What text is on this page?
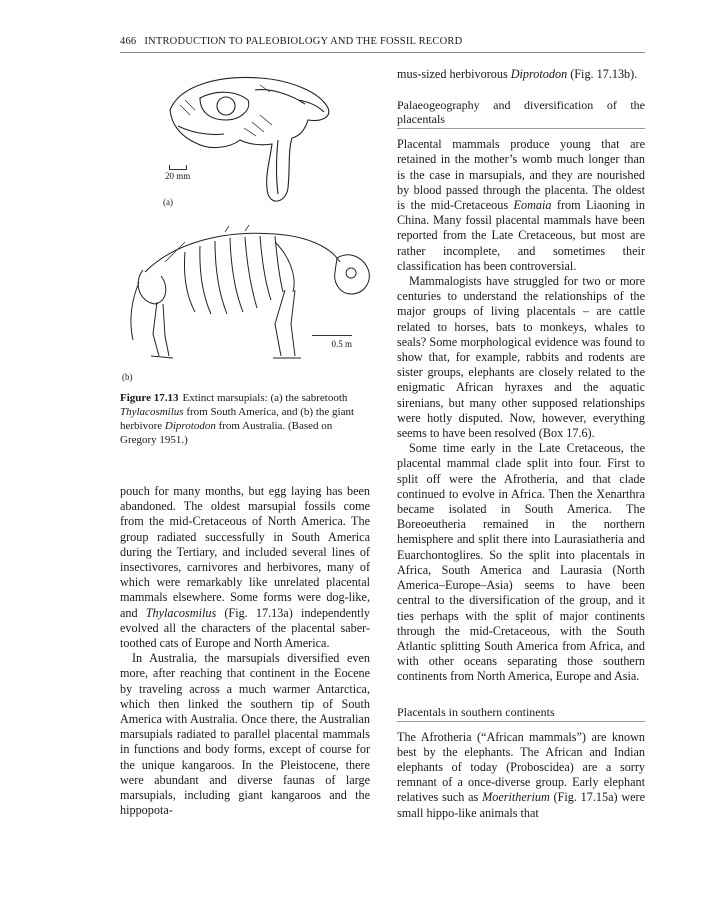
466 INTRODUCTION TO PALEOBIOLOGY AND THE FOSSIL RECORD
20 mm
(a)
0.5 m
(b)
Figure 17.13 Extinct marsupials: (a) the sabretooth Thylacosmilus from South America, and (b) the giant herbivore Diprotodon from Australia. (Based on Gregory 1951.)

pouch for many months, but egg laying has been abandoned. The oldest marsupial fossils come from the mid-Cretaceous of North America. The group radiated successfully in South America during the Tertiary, and included several lines of insectivores, carnivores and herbivores, many of which were remarkably like unrelated placental mammals elsewhere. Some forms were dog-like, and Thylacosmilus (Fig. 17.13a) independently evolved all the characters of the placental saber-toothed cats of Europe and North America.

In Australia, the marsupials diversified even more, after reaching that continent in the Eocene by traveling across a much warmer Antarctica, which then linked the southern tip of South America with Australia. Once there, the Australian marsupials radiated to parallel placental mammals in functions and body forms, except of course for the unique kangaroos. In the Pleistocene, there were abundant and diverse faunas of large marsupials, including giant kangaroos and the hippopota-

mus-sized herbivorous Diprotodon (Fig. 17.13b).

Palaeogeography and diversification of the placentals

Placental mammals produce young that are retained in the mother’s womb much longer than is the case in marsupials, and they are nourished by blood passed through the placenta. The oldest is the mid-Cretaceous Eomaia from Liaoning in China. Many fossil placental mammals have been reported from the Late Cretaceous, but most are rather incomplete, and sometimes their classification has been controversial.

Mammalogists have struggled for two or more centuries to understand the relationships of the major groups of living placentals – are cattle related to horses, bats to monkeys, whales to seals? Some morphological evidence was found to show that, for example, rabbits and rodents are sister groups, elephants are closely related to the enigmatic African hyraxes and the aquatic sirenians, but many other supposed relationships were hotly disputed. Now, however, everything seems to have been resolved (Box 17.6).

Some time early in the Late Cretaceous, the placental mammal clade split into four. First to split off were the Afrotheria, and that clade continued to evolve in Africa. Then the Xenarthra became isolated in South America. The Boreoeutheria remained in the northern hemisphere and split there into Laurasiatheria and Euarchontoglires. So the split into placentals in Africa, South America and Laurasia (North America–Europe–Asia) seems to have been central to the diversification of the group, and it ties perhaps with the split of major continents through the mid-Cretaceous, with the South Atlantic splitting South America from Africa, and with other oceans separating those southern continents from North America, Europe and Asia.

Placentals in southern continents

The Afrotheria (“African mammals”) are known best by the elephants. The African and Indian elephants of today (Proboscidea) are a sorry remnant of a once-diverse group. Early elephant relatives such as Moeritherium (Fig. 17.15a) were small hippo-like animals that
